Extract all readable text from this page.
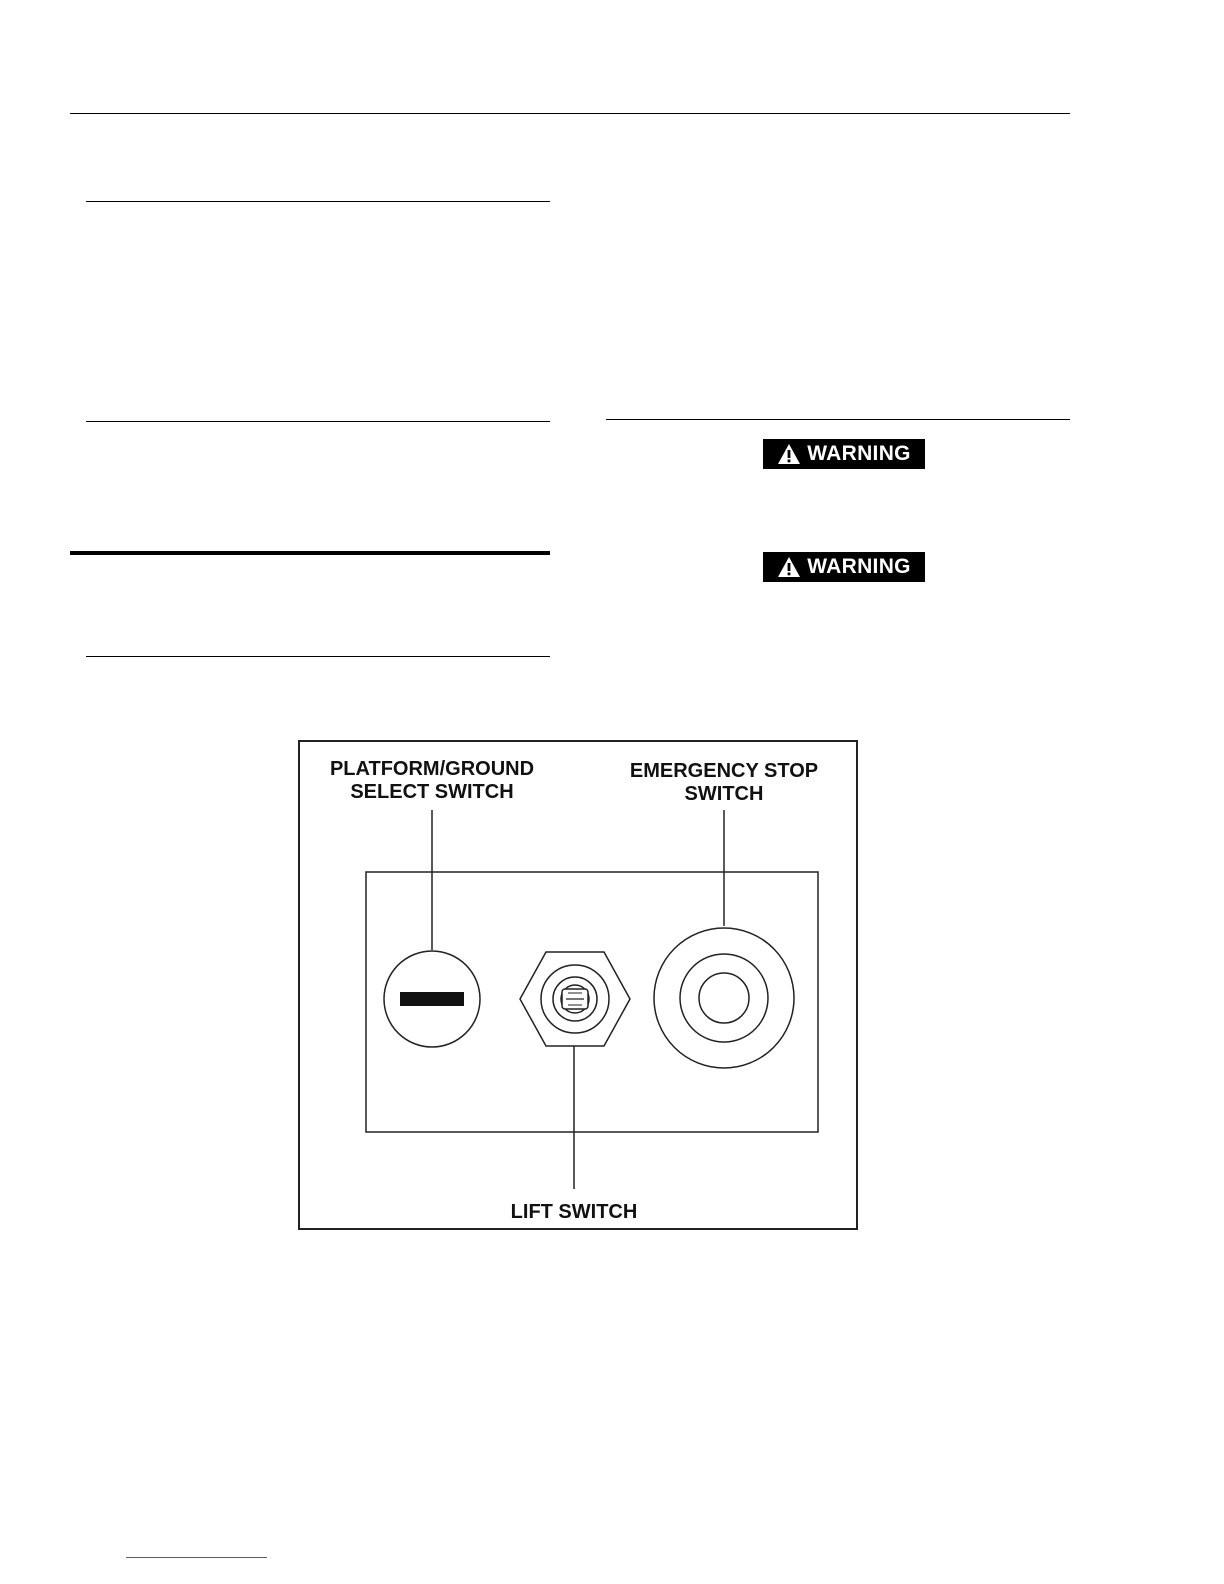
WARNING
WARNING
PLATFORM/GROUND
SELECT SWITCH
EMERGENCY STOP
SWITCH
LIFT SWITCH
